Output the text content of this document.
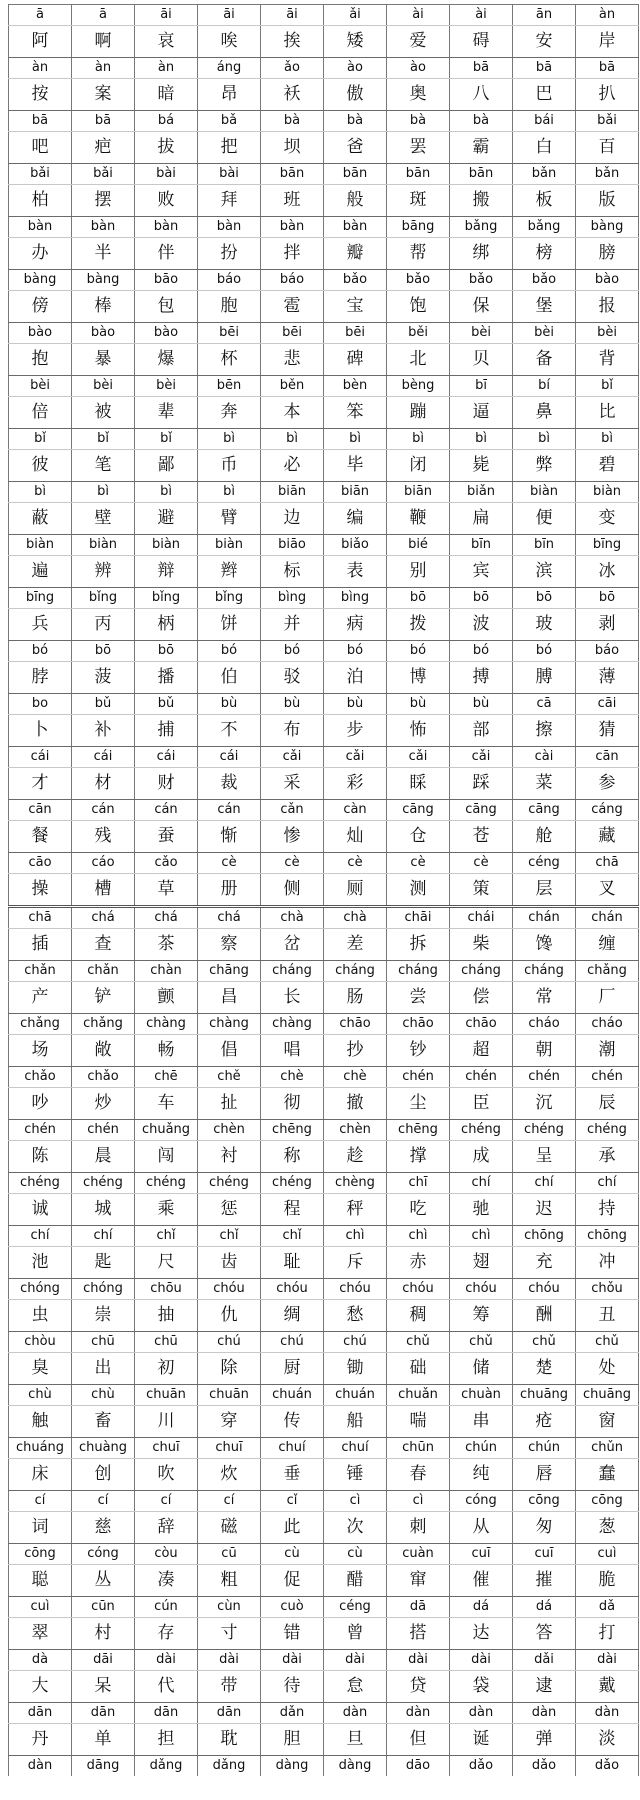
ā	ā	āi	āi	āi	ǎi	ài	ài	ān	àn
阿	啊	哀	唉	挨	矮	爱	碍	安	岸
àn	àn	àn	áng	ǎo	ào	ào	bā	bā	bā
按	案	暗	昂	袄	傲	奥	八	巴	扒
bā	bā	bá	bǎ	bà	bà	bà	bà	bái	bǎi
吧	疤	拔	把	坝	爸	罢	霸	白	百
bǎi	bǎi	bài	bài	bān	bān	bān	bān	bǎn	bǎn
柏	摆	败	拜	班	般	斑	搬	板	版
bàn	bàn	bàn	bàn	bàn	bàn	bāng	bǎng	bǎng	bàng
办	半	伴	扮	拌	瓣	帮	绑	榜	膀
bàng	bàng	bāo	báo	báo	bǎo	bǎo	bǎo	bǎo	bào
傍	棒	包	胞	雹	宝	饱	保	堡	报
bào	bào	bào	bēi	bēi	bēi	běi	bèi	bèi	bèi
抱	暴	爆	杯	悲	碑	北	贝	备	背
bèi	bèi	bèi	bēn	běn	bèn	bèng	bī	bí	bǐ
倍	被	辈	奔	本	笨	蹦	逼	鼻	比
bǐ	bǐ	bǐ	bì	bì	bì	bì	bì	bì	bì
彼	笔	鄙	币	必	毕	闭	毙	弊	碧
bì	bì	bì	bì	biān	biān	biān	biǎn	biàn	biàn
蔽	壁	避	臂	边	编	鞭	扁	便	变
biàn	biàn	biàn	biàn	biāo	biǎo	bié	bīn	bīn	bīng
遍	辨	辩	辫	标	表	别	宾	滨	冰
bīng	bǐng	bǐng	bǐng	bìng	bìng	bō	bō	bō	bō
兵	丙	柄	饼	并	病	拨	波	玻	剥
bó	bō	bō	bó	bó	bó	bó	bó	bó	báo
脖	菠	播	伯	驳	泊	博	搏	膊	薄
bo	bǔ	bǔ	bù	bù	bù	bù	bù	cā	cāi
卜	补	捕	不	布	步	怖	部	擦	猜
cái	cái	cái	cái	cǎi	cǎi	cǎi	cǎi	cài	cān
才	材	财	裁	采	彩	睬	踩	菜	参
cān	cán	cán	cán	cǎn	càn	cāng	cāng	cāng	cáng
餐	残	蚕	惭	惨	灿	仓	苍	舱	藏
cāo	cáo	cǎo	cè	cè	cè	cè	cè	céng	chā
操	槽	草	册	侧	厕	测	策	层	叉
chā	chá	chá	chá	chà	chà	chāi	chái	chán	chán
插	查	茶	察	岔	差	拆	柴	馋	缠
chǎn	chǎn	chàn	chāng	cháng	cháng	cháng	cháng	cháng	chǎng
产	铲	颤	昌	长	肠	尝	偿	常	厂
chǎng	chǎng	chàng	chàng	chàng	chāo	chāo	chāo	cháo	cháo
场	敞	畅	倡	唱	抄	钞	超	朝	潮
chǎo	chǎo	chē	chě	chè	chè	chén	chén	chén	chén
吵	炒	车	扯	彻	撤	尘	臣	沉	辰
chén	chén	chuǎng	chèn	chēng	chèn	chēng	chéng	chéng	chéng
陈	晨	闯	衬	称	趁	撑	成	呈	承
chéng	chéng	chéng	chéng	chéng	chèng	chī	chí	chí	chí
诚	城	乘	惩	程	秤	吃	驰	迟	持
chí	chí	chǐ	chǐ	chǐ	chì	chì	chì	chōng	chōng
池	匙	尺	齿	耻	斥	赤	翅	充	冲
chóng	chóng	chōu	chóu	chóu	chóu	chóu	chóu	chóu	chǒu
虫	崇	抽	仇	绸	愁	稠	筹	酬	丑
chòu	chū	chū	chú	chú	chú	chǔ	chǔ	chǔ	chǔ
臭	出	初	除	厨	锄	础	储	楚	处
chù	chù	chuān	chuān	chuán	chuán	chuǎn	chuàn	chuāng	chuāng
触	畜	川	穿	传	船	喘	串	疮	窗
chuáng	chuàng	chuī	chuī	chuí	chuí	chūn	chún	chún	chǔn
床	创	吹	炊	垂	锤	春	纯	唇	蠢
cí	cí	cí	cí	cǐ	cì	cì	cóng	cōng	cōng
词	慈	辞	磁	此	次	刺	从	匆	葱
cōng	cóng	còu	cū	cù	cù	cuàn	cuī	cuī	cuì
聪	丛	凑	粗	促	醋	窜	催	摧	脆
cuì	cūn	cún	cùn	cuò	céng	dā	dá	dá	dǎ
翠	村	存	寸	错	曾	搭	达	答	打
dà	dāi	dài	dài	dài	dài	dài	dài	dǎi	dài
大	呆	代	带	待	怠	贷	袋	逮	戴
dān	dān	dān	dān	dǎn	dàn	dàn	dàn	dàn	dàn
丹	单	担	耽	胆	旦	但	诞	弹	淡
dàn	dāng	dǎng	dǎng	dàng	dàng	dāo	dǎo	dǎo	dǎo
